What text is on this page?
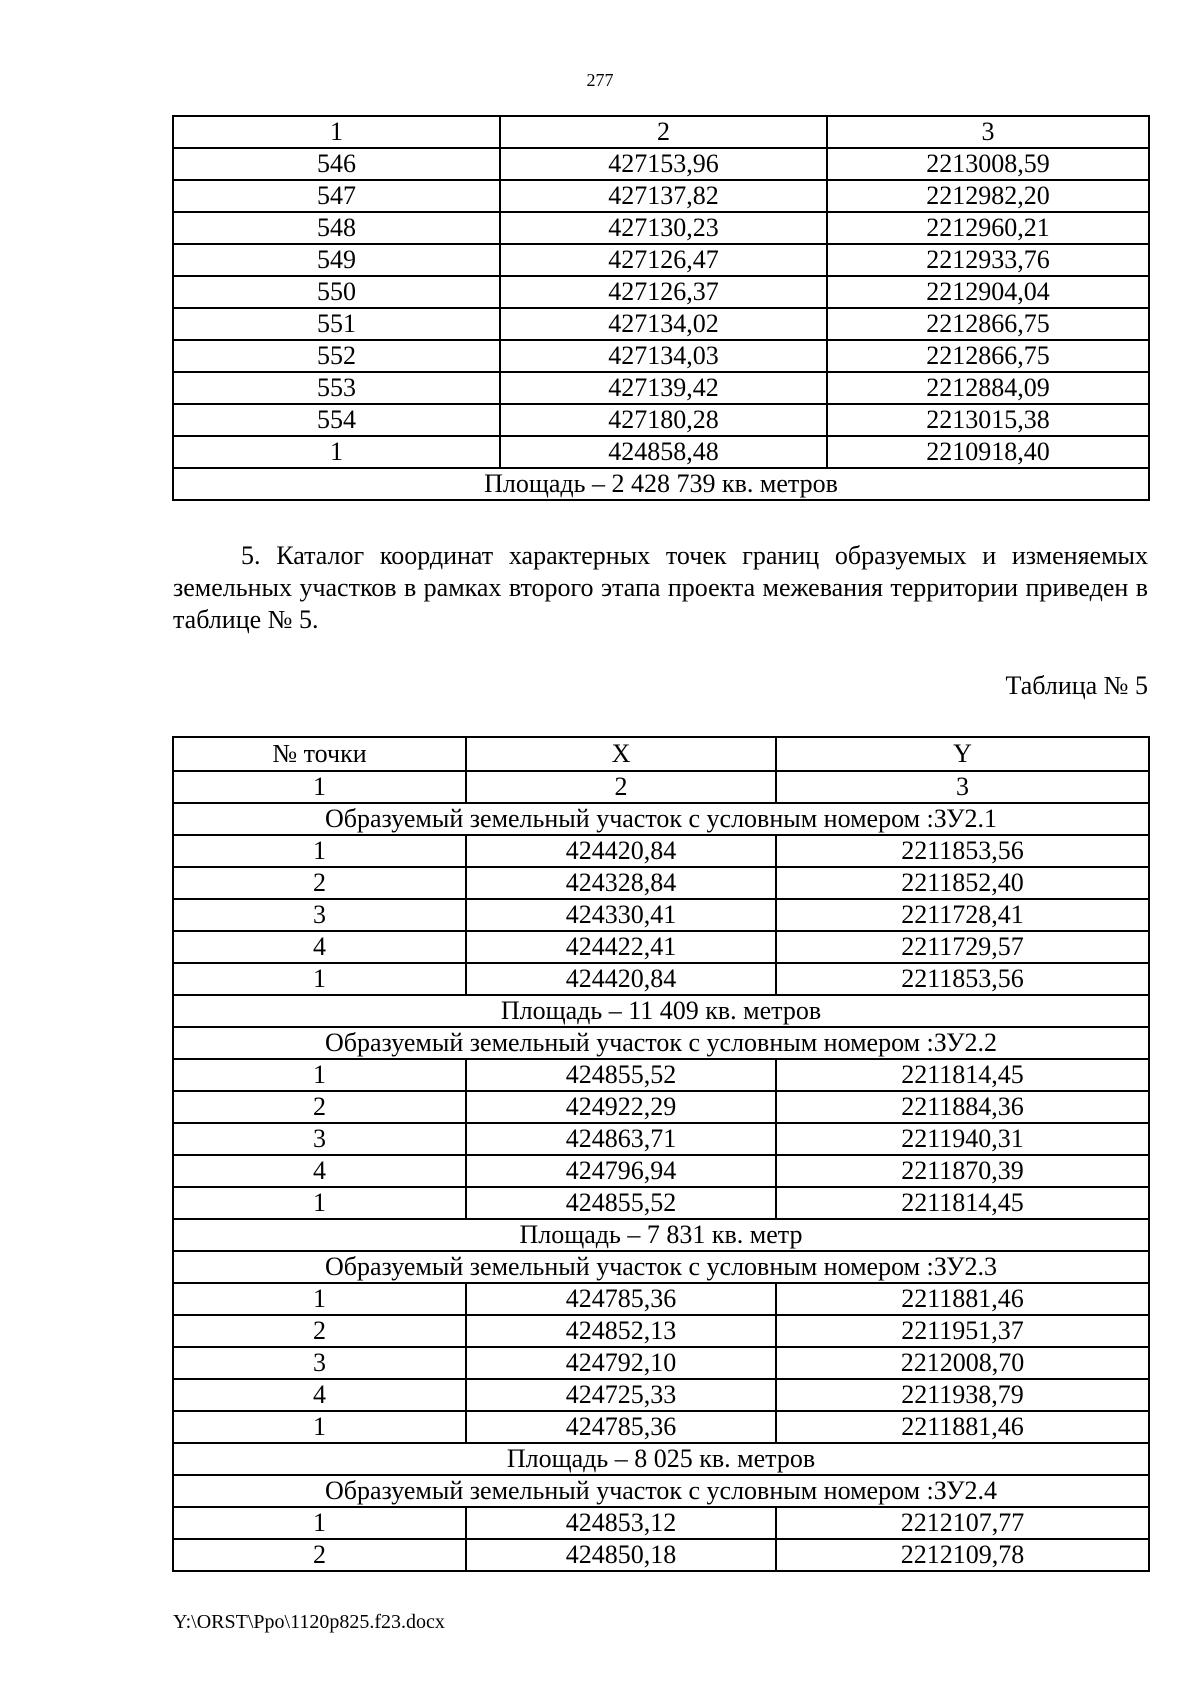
277
1	2	3
546	427153,96	2213008,59
547	427137,82	2212982,20
548	427130,23	2212960,21
549	427126,47	2212933,76
550	427126,37	2212904,04
551	427134,02	2212866,75
552	427134,03	2212866,75
553	427139,42	2212884,09
554	427180,28	2213015,38
1	424858,48	2210918,40
Площадь – 2 428 739 кв. метров		
5. Каталог координат характерных точек границ образуемых и изменяемых земельных участков в рамках второго этапа проекта межевания территории приведен в таблице № 5.
Таблица № 5
№ точки	X	Y
1	2	3
Образуемый земельный участок с условным номером :ЗУ2.1		
1	424420,84	2211853,56
2	424328,84	2211852,40
3	424330,41	2211728,41
4	424422,41	2211729,57
1	424420,84	2211853,56
Площадь – 11 409 кв. метров		
Образуемый земельный участок с условным номером :ЗУ2.2		
1	424855,52	2211814,45
2	424922,29	2211884,36
3	424863,71	2211940,31
4	424796,94	2211870,39
1	424855,52	2211814,45
Площадь – 7 831 кв. метр		
Образуемый земельный участок с условным номером :ЗУ2.3		
1	424785,36	2211881,46
2	424852,13	2211951,37
3	424792,10	2212008,70
4	424725,33	2211938,79
1	424785,36	2211881,46
Площадь – 8 025 кв. метров		
Образуемый земельный участок с условным номером :ЗУ2.4		
1	424853,12	2212107,77
2	424850,18	2212109,78
Y:\ORST\Ppo\1120p825.f23.docx
